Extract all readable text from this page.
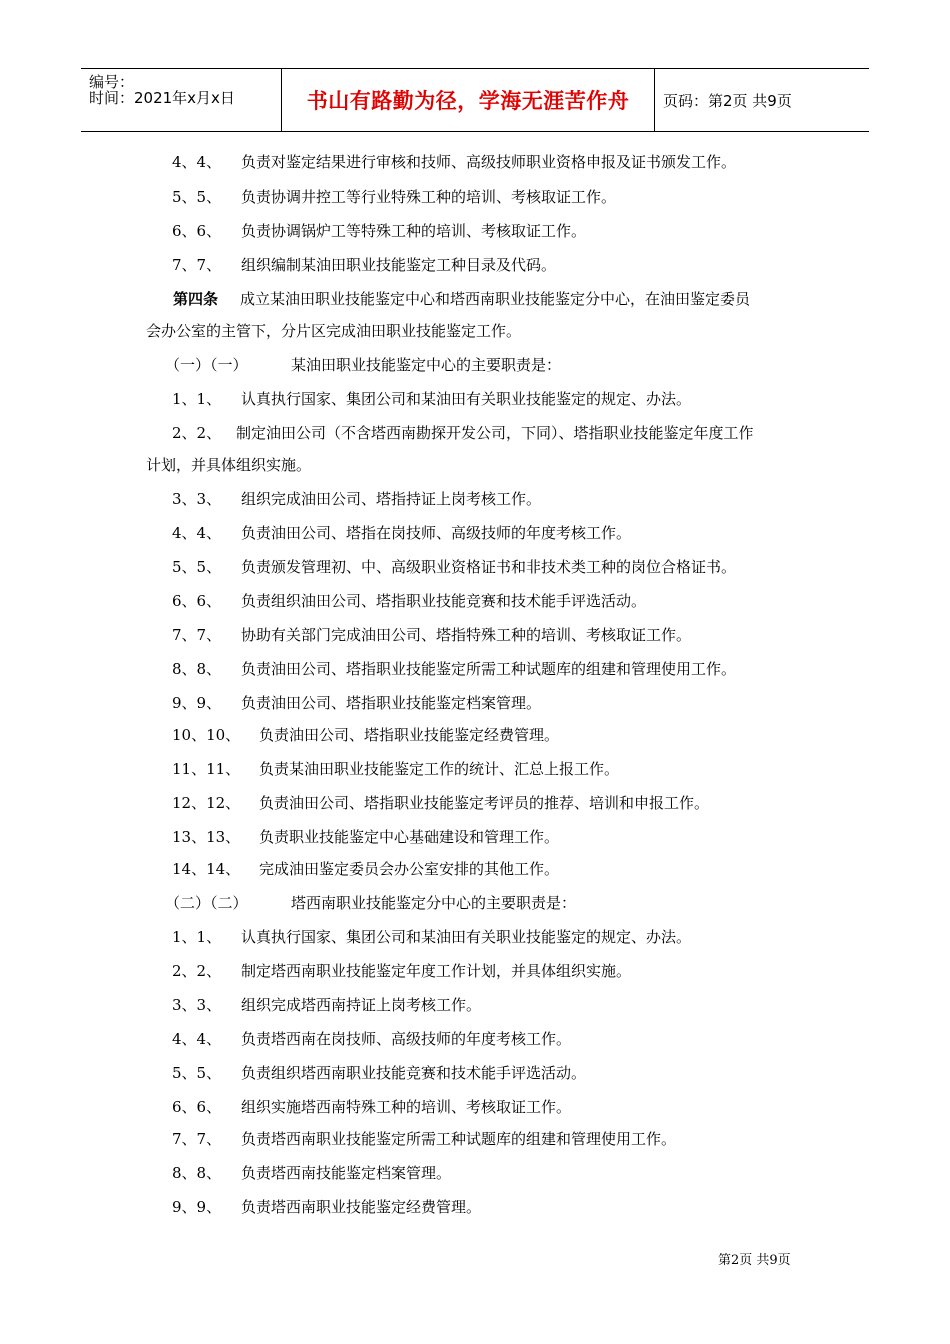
编号：
时间：2021年x月x日	书山有路勤为径，学海无涯苦作舟	页码：第2页 共9页
4、4、 负责对鉴定结果进行审核和技师、高级技师职业资格申报及证书颁发工作。
5、5、 负责协调井控工等行业特殊工种的培训、考核取证工作。
6、6、 负责协调锅炉工等特殊工种的培训、考核取证工作。
7、7、 组织编制某油田职业技能鉴定工种目录及代码。
第四条 成立某油田职业技能鉴定中心和塔西南职业技能鉴定分中心，在油田鉴定委员
会办公室的主管下，分片区完成油田职业技能鉴定工作。
（一）（一）	某油田职业技能鉴定中心的主要职责是：
1、1、 认真执行国家、集团公司和某油田有关职业技能鉴定的规定、办法。
2、2、 制定油田公司（不含塔西南勘探开发公司，下同）、塔指职业技能鉴定年度工作
计划，并具体组织实施。
3、3、 组织完成油田公司、塔指持证上岗考核工作。
4、4、 负责油田公司、塔指在岗技师、高级技师的年度考核工作。
5、5、 负责颁发管理初、中、高级职业资格证书和非技术类工种的岗位合格证书。
6、6、 负责组织油田公司、塔指职业技能竞赛和技术能手评选活动。
7、7、 协助有关部门完成油田公司、塔指特殊工种的培训、考核取证工作。
8、8、 负责油田公司、塔指职业技能鉴定所需工种试题库的组建和管理使用工作。
9、9、 负责油田公司、塔指职业技能鉴定档案管理。
10、10、 负责油田公司、塔指职业技能鉴定经费管理。
11、11、 负责某油田职业技能鉴定工作的统计、汇总上报工作。
12、12、 负责油田公司、塔指职业技能鉴定考评员的推荐、培训和申报工作。
13、13、 负责职业技能鉴定中心基础建设和管理工作。
14、14、 完成油田鉴定委员会办公室安排的其他工作。
（二）（二）	塔西南职业技能鉴定分中心的主要职责是：
1、1、 认真执行国家、集团公司和某油田有关职业技能鉴定的规定、办法。
2、2、 制定塔西南职业技能鉴定年度工作计划，并具体组织实施。
3、3、 组织完成塔西南持证上岗考核工作。
4、4、 负责塔西南在岗技师、高级技师的年度考核工作。
5、5、 负责组织塔西南职业技能竞赛和技术能手评选活动。
6、6、 组织实施塔西南特殊工种的培训、考核取证工作。
7、7、 负责塔西南职业技能鉴定所需工种试题库的组建和管理使用工作。
8、8、 负责塔西南技能鉴定档案管理。
9、9、 负责塔西南职业技能鉴定经费管理。
第2页 共9页
